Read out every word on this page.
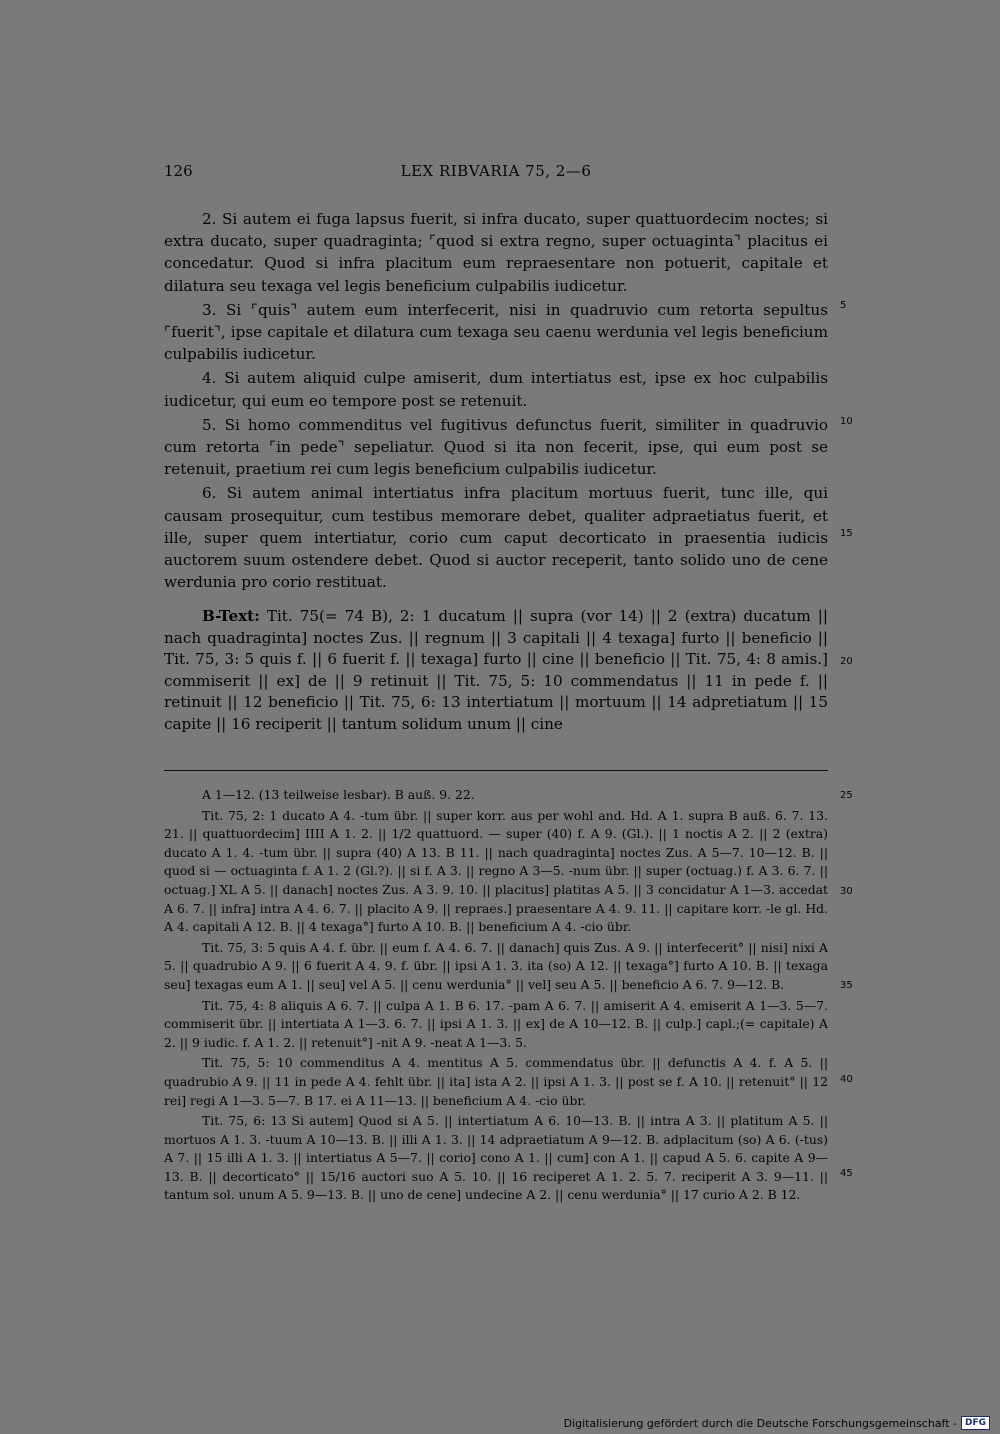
126	LEX RIBVARIA 75, 2—6

2. Si autem ei fuga lapsus fuerit, si infra ducato, super quattuordecim noctes; si extra ducato, super quadraginta; ⌜quod si extra regno, super octuaginta⌝ placitus ei concedatur. Quod si infra placitum eum repraesentare non potuerit, capitale et dilatura seu texaga vel legis beneficium culpabilis iudicetur.

3. Si ⌜quis⌝ autem eum interfecerit, nisi in quadruvio cum retorta sepultus ⌜fuerit⌝, ipse capitale et dilatura cum texaga seu caenu werdunia vel legis beneficium culpabilis iudicetur.

4. Si autem aliquid culpe amiserit, dum intertiatus est, ipse ex hoc culpabilis iudicetur, qui eum eo tempore post se retenuit.

5. Si homo commenditus vel fugitivus defunctus fuerit, similiter in quadruvio cum retorta ⌜in pede⌝ sepeliatur. Quod si ita non fecerit, ipse, qui eum post se retenuit, praetium rei cum legis beneficium culpabilis iudicetur.

6. Si autem animal intertiatus infra placitum mortuus fuerit, tunc ille, qui causam prosequitur, cum testibus memorare debet, qualiter adpraetiatus fuerit, et ille, super quem intertiatur, corio cum caput decorticato in praesentia iudicis auctorem suum ostendere debet. Quod si auctor receperit, tanto solido uno de cene werdunia pro corio restituat.

B-Text: Tit. 75(= 74 B), 2: 1 ducatum || supra (vor 14) || 2 (extra) ducatum || nach quadraginta] noctes Zus. || regnum || 3 capitali || 4 texaga] furto || beneficio || Tit. 75, 3: 5 quis f. || 6 fuerit f. || texaga] furto || cine || beneficio || Tit. 75, 4: 8 amis.] commiserit || ex] de || 9 retinuit || Tit. 75, 5: 10 commendatus || 11 in pede f. || retinuit || 12 beneficio || Tit. 75, 6: 13 intertiatum || mortuum || 14 adpretiatum || 15 capite || 16 reciperit || tantum solidum unum || cine

A 1—12. (13 teilweise lesbar). B auß. 9. 22.

Tit. 75, 2: 1 ducato A 4. -tum übr. || super korr. aus per wohl and. Hd. A 1. supra B auß. 6. 7. 13. 21. || quattuordecim] IIII A 1. 2. || 1/2 quattuord. — super (40) f. A 9. (Gl.). || 1 noctis A 2. || 2 (extra) ducato A 1. 4. -tum übr. || supra (40) A 13. B 11. || nach quadraginta] noctes Zus. A 5—7. 10—12. B. || quod si — octuaginta f. A 1. 2 (Gl.?). || si f. A 3. || regno A 3—5. -num übr. || super (octuag.) f. A 3. 6. 7. || octuag.] XL A 5. || danach] noctes Zus. A 3. 9. 10. || placitus] platitas A 5. || 3 concidatur A 1—3. accedat A 6. 7. || infra] intra A 4. 6. 7. || placito A 9. || repraes.] praesentare A 4. 9. 11. || capitare korr. -le gl. Hd. A 4. capitali A 12. B. || 4 texaga°] furto A 10. B. || beneficium A 4. -cio übr.

Tit. 75, 3: 5 quis A 4. f. übr. || eum f. A 4. 6. 7. || danach] quis Zus. A 9. || interfecerit° || nisi] nixi A 5. || quadrubio A 9. || 6 fuerit A 4. 9. f. übr. || ipsi A 1. 3. ita (so) A 12. || texaga°] furto A 10. B. || texaga seu] texagas eum A 1. || seu] vel A 5. || cenu werdunia° || vel] seu A 5. || beneficio A 6. 7. 9—12. B.

Tit. 75, 4: 8 aliquis A 6. 7. || culpa A 1. B 6. 17. -pam A 6. 7. || amiserit A 4. emiserit A 1—3. 5—7. commiserit übr. || intertiata A 1—3. 6. 7. || ipsi A 1. 3. || ex] de A 10—12. B. || culp.] capl.;(= capitale) A 2. || 9 iudic. f. A 1. 2. || retenuit°] -nit A 9. -neat A 1—3. 5.

Tit. 75, 5: 10 commenditus A 4. mentitus A 5. commendatus übr. || defunctis A 4. f. A 5. || quadrubio A 9. || 11 in pede A 4. fehlt übr. || ita] ista A 2. || ipsi A 1. 3. || post se f. A 10. || retenuit° || 12 rei] regi A 1—3. 5—7. B 17. ei A 11—13. || beneficium A 4. -cio übr.

Tit. 75, 6: 13 Si autem] Quod si A 5. || intertiatum A 6. 10—13. B. || intra A 3. || platitum A 5. || mortuos A 1. 3. -tuum A 10—13. B. || illi A 1. 3. || 14 adpraetiatum A 9—12. B. adplacitum (so) A 6. (-tus) A 7. || 15 illi A 1. 3. || intertiatus A 5—7. || corio] cono A 1. || cum] con A 1. || capud A 5. 6. capite A 9—13. B. || decorticato° || 15/16 auctori suo A 5. 10. || 16 reciperet A 1. 2. 5. 7. reciperit A 3. 9—11. || tantum sol. unum A 5. 9—13. B. || uno de cene] undecine A 2. || cenu werdunia° || 17 curio A 2. B 12.

5
10
15
20
25
30
35
40
45
Digitalisierung gefördert durch die Deutsche Forschungsgemeinschaft - DFG
